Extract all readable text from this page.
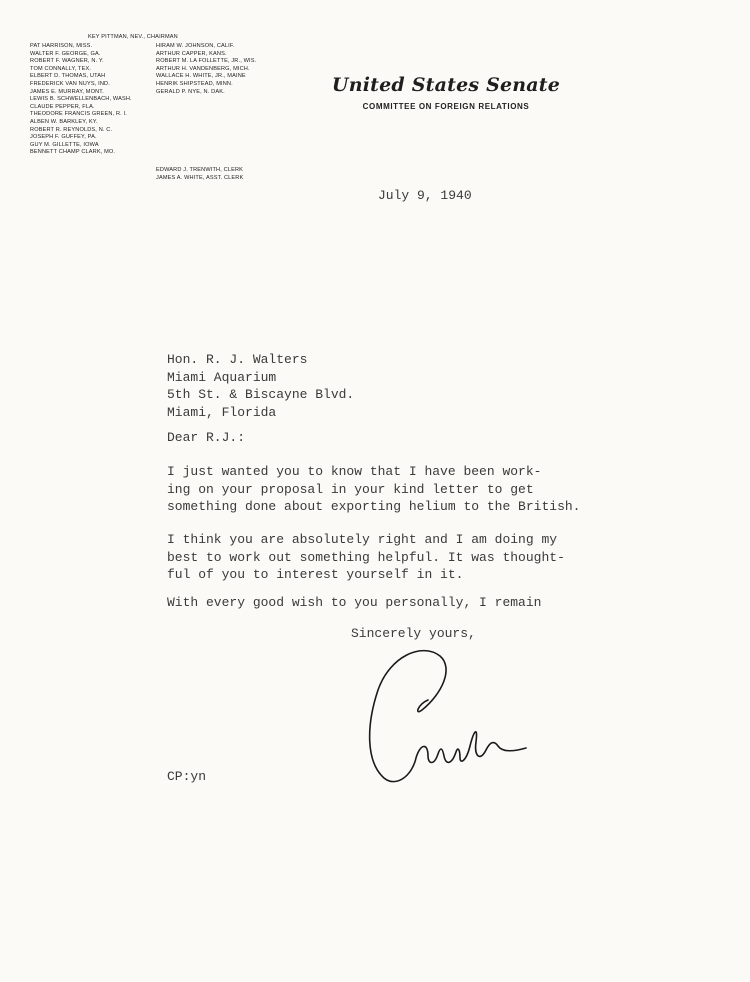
KEY PITTMAN, NEV., CHAIRMAN
PAT HARRISON, MISS.
WALTER F. GEORGE, GA.
ROBERT F. WAGNER, N. Y.
TOM CONNALLY, TEX.
ELBERT D. THOMAS, UTAH
FREDERICK VAN NUYS, IND.
JAMES E. MURRAY, MONT.
LEWIS B. SCHWELLENBACH, WASH.
CLAUDE PEPPER, FLA.
THEODORE FRANCIS GREEN, R. I.
ALBEN W. BARKLEY, KY.
ROBERT R. REYNOLDS, N. C.
JOSEPH F. GUFFEY, PA.
GUY M. GILLETTE, IOWA
BENNETT CHAMP CLARK, MO.
HIRAM W. JOHNSON, CALIF.
ARTHUR CAPPER, KANS.
ROBERT M. LA FOLLETTE, JR., WIS.
ARTHUR H. VANDENBERG, MICH.
WALLACE H. WHITE, JR., MAINE
HENRIK SHIPSTEAD, MINN.
GERALD P. NYE, N. DAK.
EDWARD J. TRENWITH, CLERK
JAMES A. WHITE, ASST. CLERK
United States Senate
COMMITTEE ON FOREIGN RELATIONS
July 9, 1940
Hon. R. J. Walters
Miami Aquarium
5th St. & Biscayne Blvd.
Miami, Florida
Dear R.J.:
I just wanted you to know that I have been work-
ing on your proposal in your kind letter to get
something done about exporting helium to the British.
I think you are absolutely right and I am doing my
best to work out something helpful. It was thought-
ful of you to interest yourself in it.
With every good wish to you personally, I remain
Sincerely yours,
CP:yn
